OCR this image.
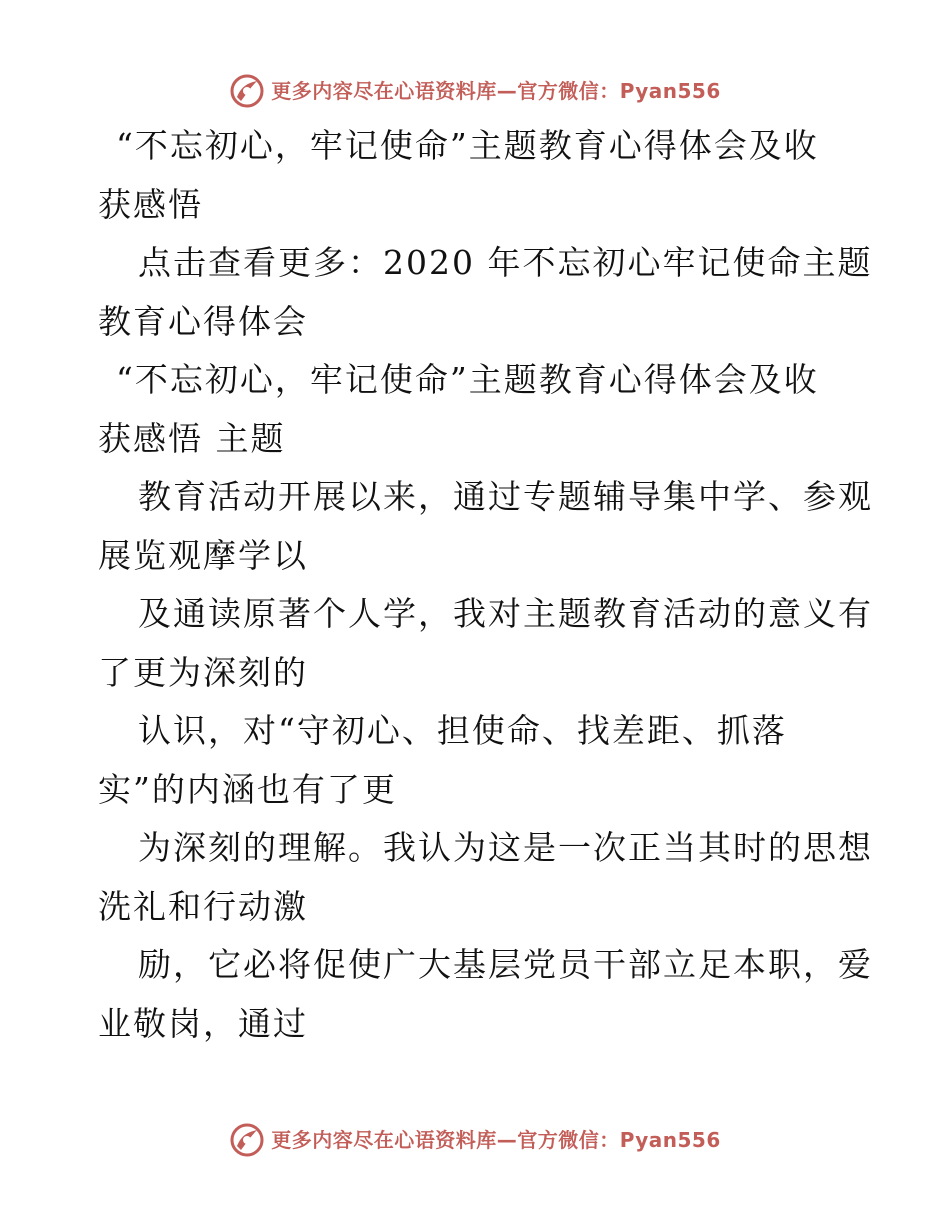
更多内容尽在心语资料库—官方微信：Pyan556
“不忘初心，牢记使命”主题教育心得体会及收
获感悟
点击查看更多：2020 年不忘初心牢记使命主题
教育心得体会
“不忘初心，牢记使命”主题教育心得体会及收
获感悟 主题
教育活动开展以来，通过专题辅导集中学、参观
展览观摩学以
及通读原著个人学，我对主题教育活动的意义有
了更为深刻的
认识，对“守初心、担使命、找差距、抓落
实”的内涵也有了更
为深刻的理解。我认为这是一次正当其时的思想
洗礼和行动激
励，它必将促使广大基层党员干部立足本职，爱
业敬岗，通过
更多内容尽在心语资料库—官方微信：Pyan556
